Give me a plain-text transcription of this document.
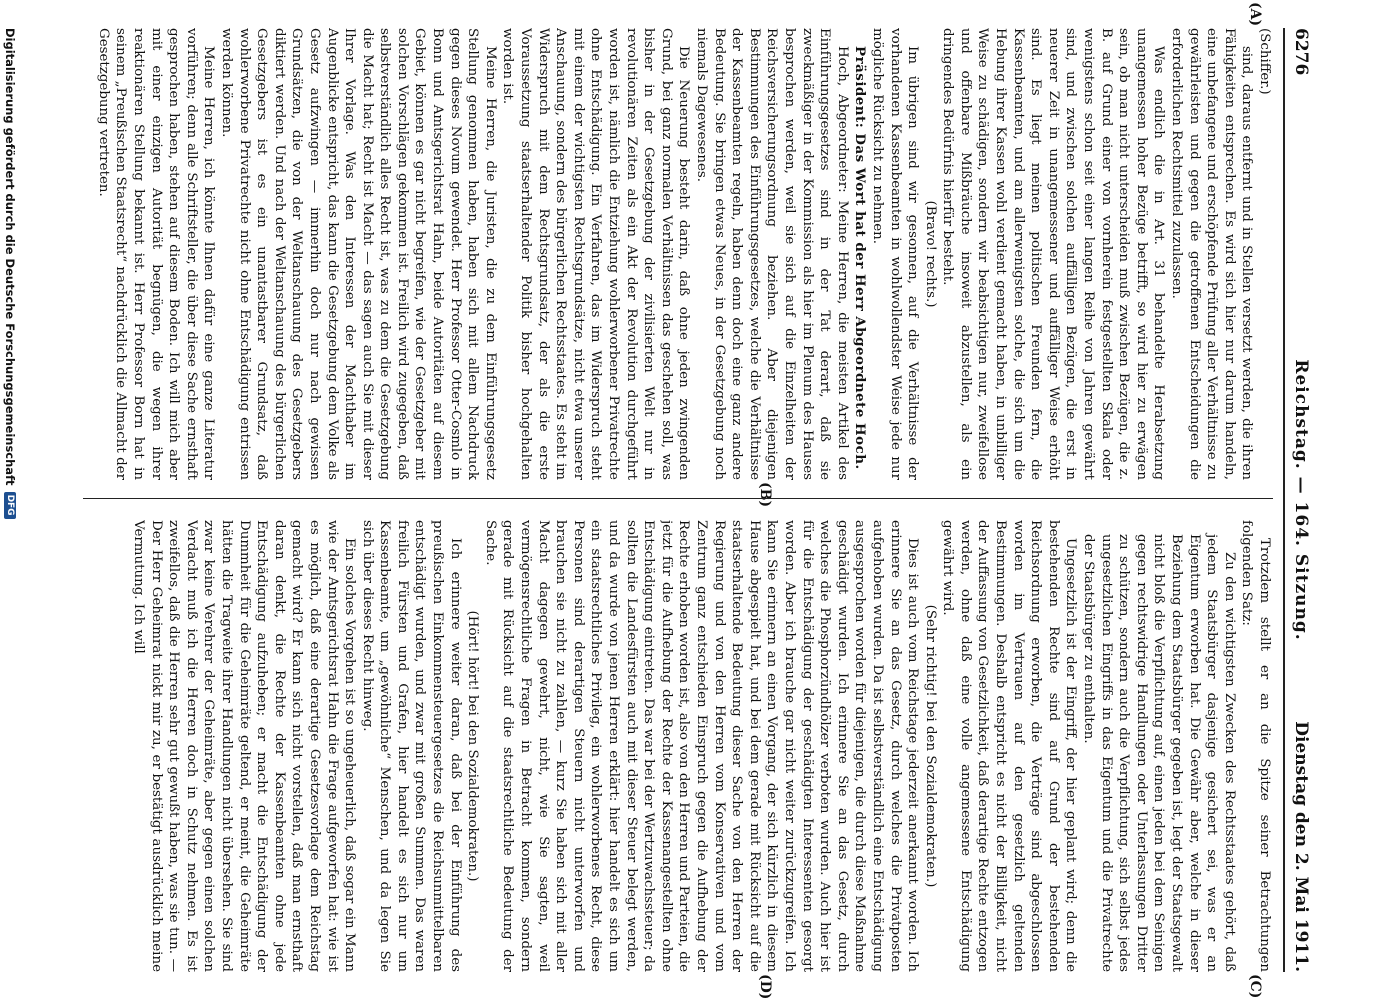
6276
Reichstag. — 164. Sitzung.
Dienstag den 2. Mai 1911.
(A)
(B)
(C)
(D)

(Schiffer.)

sind, daraus entfernt und in Stellen versetzt werden, die ihren Fähigkeiten entsprechen. Es wird sich hier nur darum handeln, eine unbefangene und erschöpfende Prüfung aller Verhältnisse zu gewährleisten und gegen die getroffenen Entscheidungen die erforderlichen Rechtsmittel zuzulassen.

Was endlich die in Art. 31 behandelte Herabsetzung unangemessen hoher Bezüge betrifft, so wird hier zu erwägen sein, ob man nicht unterscheiden muß zwischen Bezügen, die z. B. auf Grund einer von vornherein festgestellten Skala oder wenigstens schon seit einer langen Reihe von Jahren gewährt sind, und zwischen solchen auffälligen Bezügen, die erst in neuerer Zeit in unangemessener und auffälliger Weise erhöht sind. Es liegt meinen politischen Freunden fern, die Kassenbeamten, und am allerwenigsten solche, die sich um die Hebung ihrer Kassen wohl verdient gemacht haben, in unbilliger Weise zu schädigen, sondern wir beabsichtigen nur, zweifellose und offenbare Mißbräuche insoweit abzustellen, als ein dringendes Bedürfnis hierfür besteht.

(Bravo! rechts.)

Im übrigen sind wir gesonnen, auf die Verhältnisse der vorhandenen Kassenbeamten in wohlwollendster Weise jede nur mögliche Rücksicht zu nehmen.

Präsident: Das Wort hat der Herr Abgeordnete Hoch.

Hoch, Abgeordneter: Meine Herren, die meisten Artikel des Einführungsgesetzes sind in der Tat derart, daß sie zweckmäßiger in der Kommission als hier im Plenum des Hauses besprochen werden, weil sie sich auf die Einzelheiten der Reichsversicherungsordnung beziehen. Aber diejenigen Bestimmungen des Einführungsgesetzes, welche die Verhältnisse der Kassenbeamten regeln, haben denn doch eine ganz andere Bedeutung. Sie bringen etwas Neues, in der Gesetzgebung noch niemals Dagewesenes.

Die Neuerung besteht darin, daß ohne jeden zwingenden Grund, bei ganz normalen Verhältnissen das geschehen soll, was bisher in der Gesetzgebung der zivilisierten Welt nur in revolutionären Zeiten als ein Akt der Revolution durchgeführt worden ist, nämlich die Entziehung wohlerworbener Privatrechte ohne Entschädigung. Ein Verfahren, das im Widerspruch steht mit einem der wichtigsten Rechtsgrundsätze, nicht etwa unserer Anschauung, sondern des bürgerlichen Rechtsstaates. Es steht im Widerspruch mit dem Rechtsgrundsatz, der als die erste Voraussetzung staatserhaltender Politik bisher hochgehalten worden ist.

Meine Herren, die Juristen, die zu dem Einführungsgesetz Stellung genommen haben, haben sich mit allem Nachdruck gegen dieses Novum gewendet. Herr Professor Otter-Cosmlo in Bonn und Amtsgerichtsrat Hahn, beide Autoritäten auf diesem Gebiet, können es gar nicht begreifen, wie der Gesetzgeber mit solchen Vorschlägen gekommen ist. Freilich wird zugegeben, daß selbstverständlich alles Recht ist, was zu dem die Gesetzgebung die Macht hat; Recht ist Macht — das sagen auch Sie mit dieser Ihrer Vorlage. Was den Interessen der Machthaber im Augenblicke entspricht, das kann die Gesetzgebung dem Volke als Gesetz aufzwingen — immerhin doch nur nach gewissen Grundsätzen, die von der Weltanschauung des Gesetzgebers diktiert werden. Und nach der Weltanschauung des bürgerlichen Gesetzgebers ist es ein unantastbarer Grundsatz, daß wohlerworbene Privatrechte nicht ohne Entschädigung entrissen werden können.

Meine Herren, ich könnte Ihnen dafür eine ganze Literatur vorführen; denn alle Schriftsteller, die über diese Sache ernsthaft gesprochen haben, stehen auf diesem Boden. Ich will mich aber mit einer einzigen Autorität begnügen, die wegen ihrer reaktionären Stellung bekannt ist. Herr Professor Born hat in seinem „Preußischen Staatsrecht“ nachdrücklich die Allmacht der Gesetzgebung vertreten.

Trotzdem stellt er an die Spitze seiner Betrachtungen folgenden Satz:

Zu den wichtigsten Zwecken des Rechtsstaates gehört, daß jedem Staatsbürger dasjenige gesichert sei, was er an Eigentum erworben hat. Die Gewähr aber, welche in dieser Beziehung dem Staatsbürger gegeben ist, legt der Staatsgewalt nicht bloß die Verpflichtung auf, einen jeden bei dem Seinigen gegen rechtswidrige Handlungen oder Unterlassungen Dritter zu schützen, sondern auch die Verpflichtung, sich selbst jedes ungesetzlichen Eingriffs in das Eigentum und die Privatrechte der Staatsbürger zu enthalten.

Ungesetzlich ist der Eingriff, der hier geplant wird; denn die bestehenden Rechte sind auf Grund der bestehenden Reichsordnung erworben, die Verträge sind abgeschlossen worden im Vertrauen auf den gesetzlich geltenden Bestimmungen. Deshalb entspricht es nicht der Billigkeit, nicht der Auffassung von Gesetzlichkeit, daß derartige Rechte entzogen werden, ohne daß eine volle angemessene Entschädigung gewährt wird.

(Sehr richtig! bei den Sozialdemokraten.)

Dies ist auch vom Reichstage jederzeit anerkannt worden. Ich erinnere Sie an das Gesetz, durch welches die Privatposten aufgehoben wurden. Da ist selbstverständlich eine Entschädigung ausgesprochen worden für diejenigen, die durch diese Maßnahme geschädigt wurden. Ich erinnere Sie an das Gesetz, durch welches die Phosphorzündhölzer verboten wurden. Auch hier ist für die Entschädigung der geschädigten Interessenten gesorgt worden. Aber ich brauche gar nicht weiter zurückzugreifen. Ich kann Sie erinnern an einen Vorgang, der sich kürzlich in diesem Hause abgespielt hat, und bei dem gerade mit Rücksicht auf die staatserhaltende Bedeutung dieser Sache von den Herren der Regierung und von den Herren vom Konservativen und vom Zentrum ganz entschieden Einspruch gegen die Aufhebung der Rechte erhoben worden ist, also von den Herren und Parteien, die jetzt für die Aufhebung der Rechte der Kassenangestellten ohne Entschädigung eintreten. Das war bei der Wertzuwachssteuer; da sollten die Landesfürsten auch mit dieser Steuer belegt werden, und da wurde von jenen Herren erklärt: hier handelt es sich um ein staatsrechtliches Privileg, ein wohlerworbenes Recht, diese Personen sind derartigen Steuern nicht unterworfen und brauchen sie nicht zu zahlen, — kurz Sie haben sich mit aller Macht dagegen gewehrt, nicht, wie Sie sagten, weil vermögensrechtliche Fragen in Betracht kommen, sondern gerade mit Rücksicht auf die staatsrechtliche Bedeutung der Sache.

(Hört! hört! bei den Sozialdemokraten.)

Ich erinnere weiter daran, daß bei der Einführung des preußischen Einkommensteuergesetzes die Reichsunmittelbaren entschädigt wurden, und zwar mit großen Summen. Das waren freilich Fürsten und Grafen, hier handelt es sich nur um Kassenbeamte, um „gewöhnliche“ Menschen, und da legen Sie sich über dieses Recht hinweg.

Ein solches Vorgehen ist so ungeheuerlich, daß sogar ein Mann wie der Amtsgerichtsrat Hahn die Frage aufgeworfen hat: wie ist es möglich, daß eine derartige Gesetzesvorlage dem Reichstag gemacht wird? Er kann sich nicht vorstellen, daß man ernsthaft daran denkt, die Rechte der Kassenbeamten ohne jede Entschädigung aufzuheben; er macht die Entschädigung der Dummheit für die Geheimräte geltend, er meint, die Geheimräte hätten die Tragweite ihrer Handlungen nicht übersehen. Sie sind zwar keine Verehrer der Geheimräte, aber gegen einen solchen Verdacht muß ich die Herren doch in Schutz nehmen. Es ist zweifellos, daß die Herren sehr gut gewußt haben, was sie tun. — Der Herr Geheimrat nickt mir zu, er bestätigt ausdrücklich meine Vermutung. Ich will

Digitalisierung gefördert durch die Deutsche Forschungsgemeinschaft
DFG
